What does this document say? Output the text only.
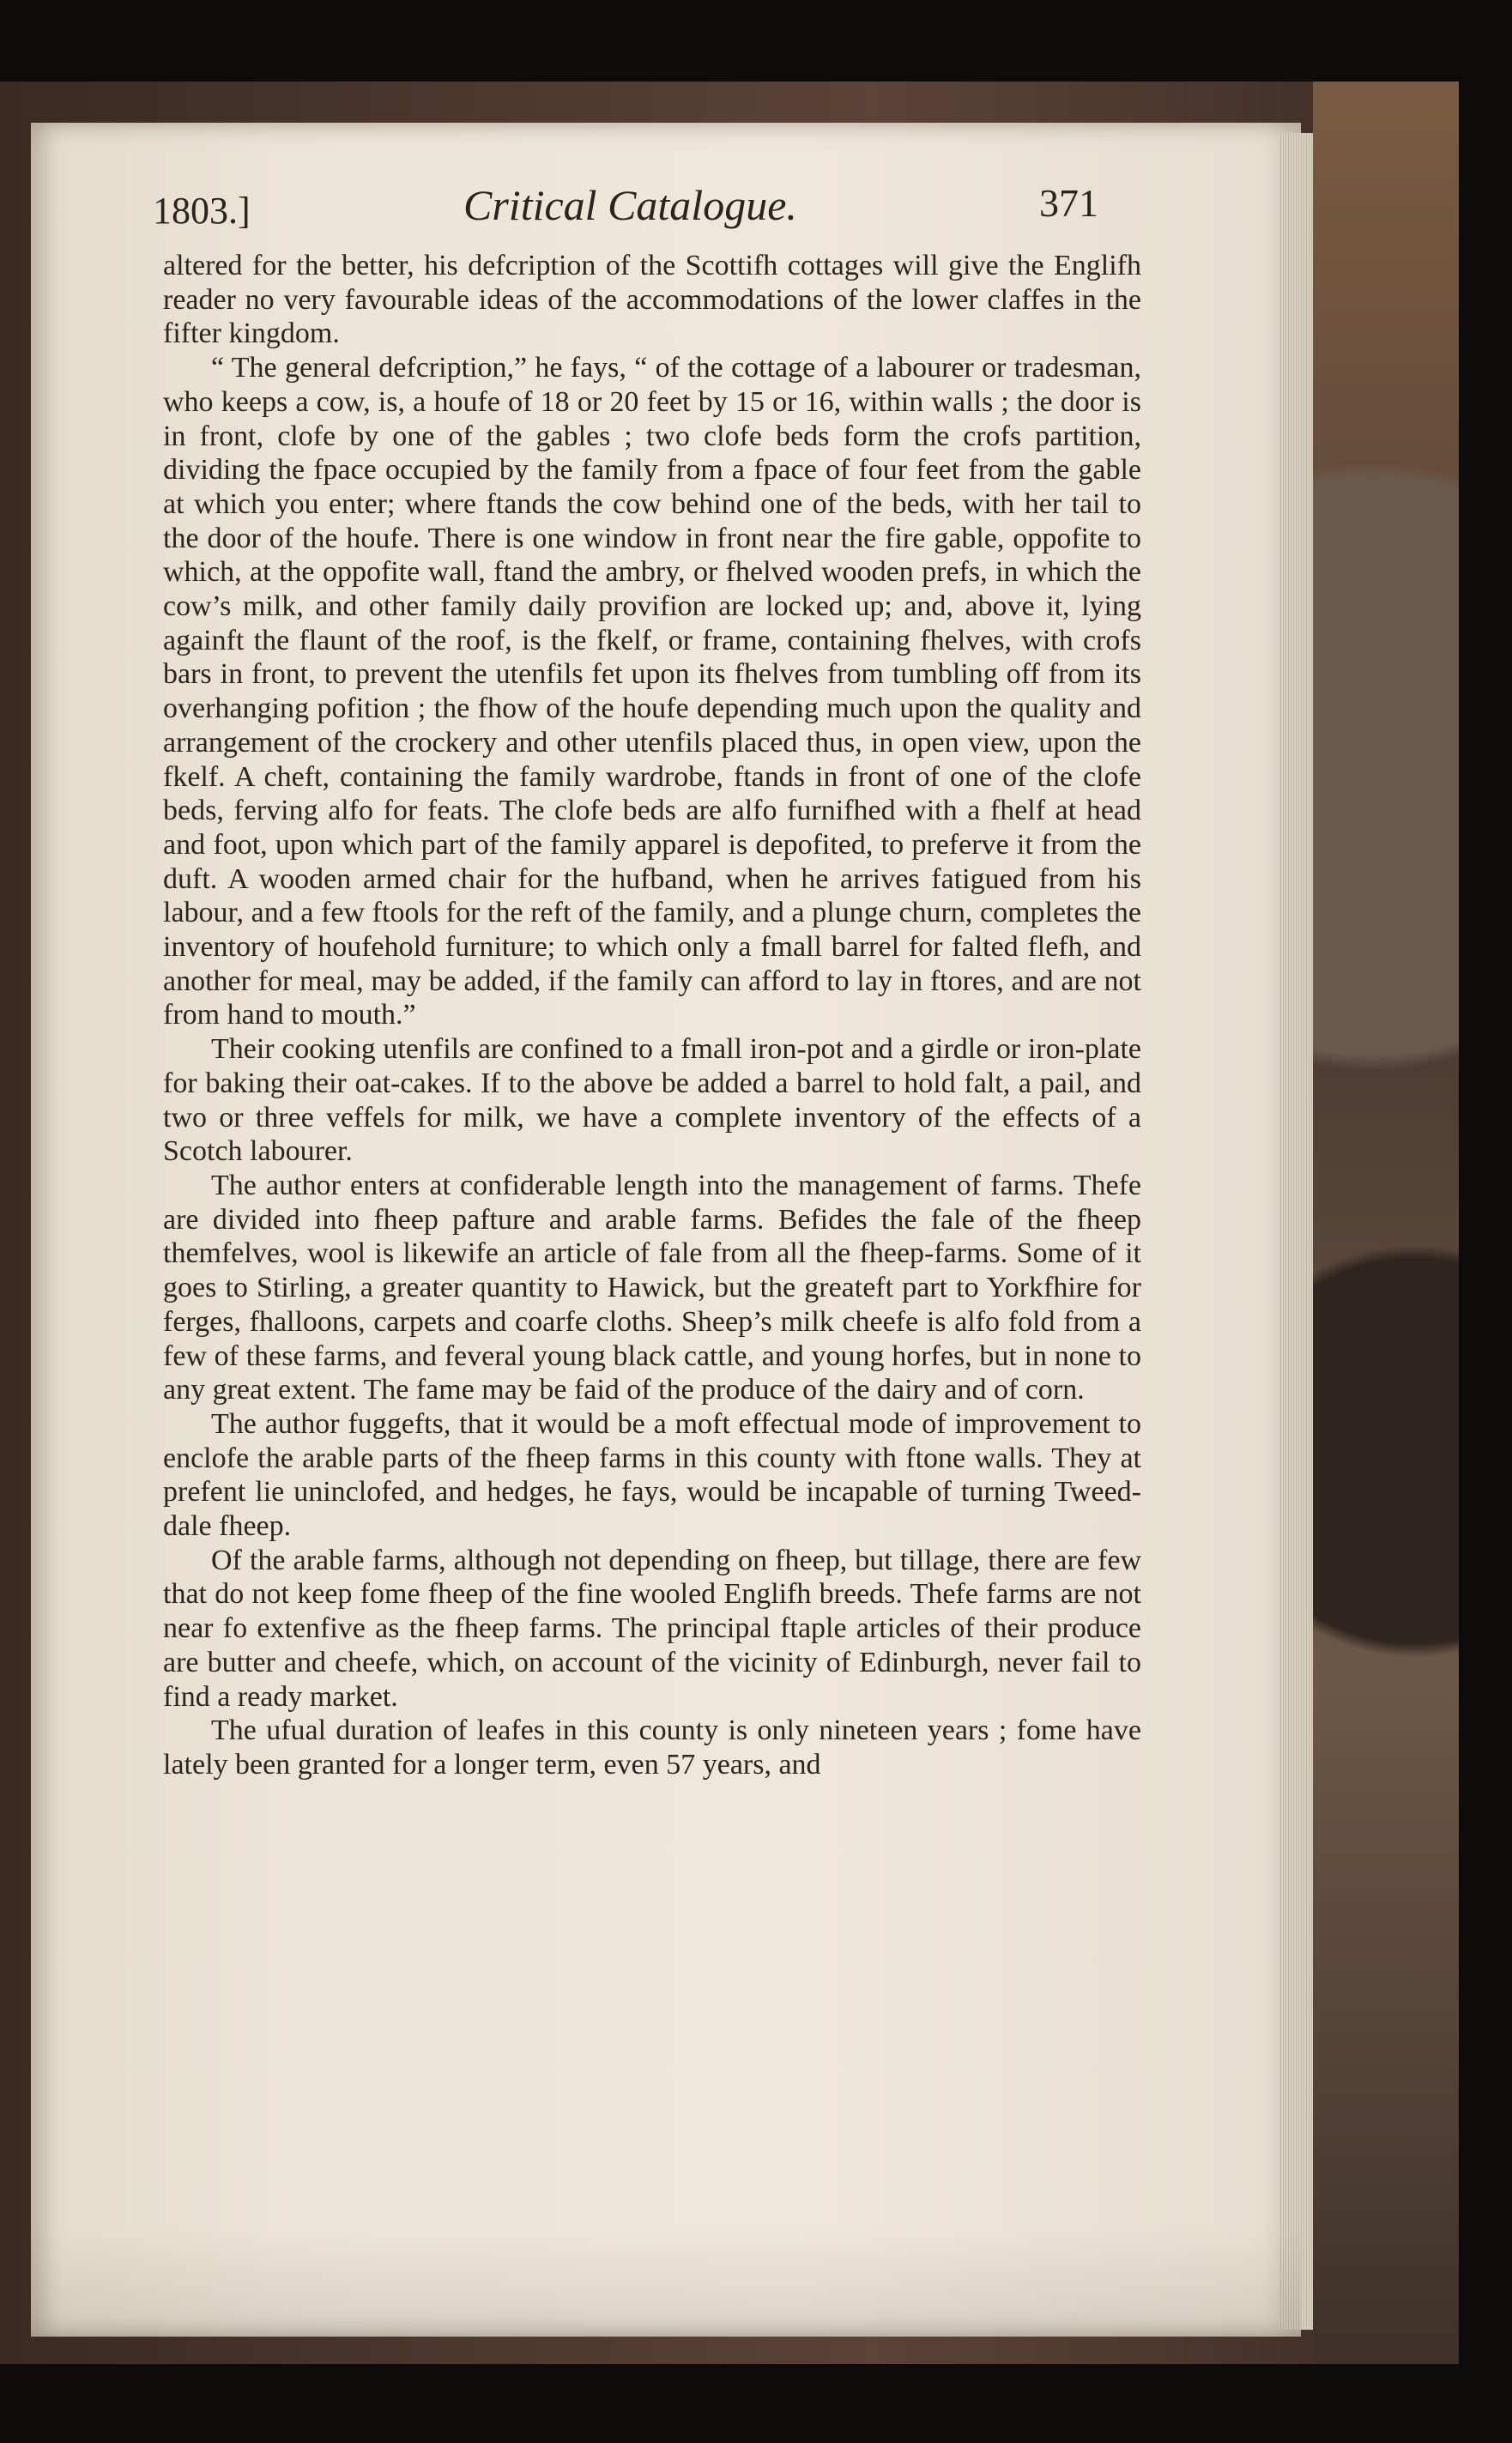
1803.]	Critical Catalogue.	371

altered for the better, his defcription of the Scottifh cottages will give the Englifh reader no very favourable ideas of the accommodations of the lower claffes in the fifter kingdom.

“ The general defcription,” he fays, “ of the cottage of a labourer or tradesman, who keeps a cow, is, a houfe of 18 or 20 feet by 15 or 16, within walls ; the door is in front, clofe by one of the gables ; two clofe beds form the crofs partition, dividing the fpace occupied by the family from a fpace of four feet from the gable at which you enter; where ftands the cow behind one of the beds, with her tail to the door of the houfe. There is one window in front near the fire gable, oppofite to which, at the oppofite wall, ftand the ambry, or fhelved wooden prefs, in which the cow’s milk, and other family daily provifion are locked up; and, above it, lying againft the flaunt of the roof, is the fkelf, or frame, containing fhelves, with crofs bars in front, to prevent the utenfils fet upon its fhelves from tumbling off from its overhanging pofition ; the fhow of the houfe depending much upon the quality and arrangement of the crockery and other utenfils placed thus, in open view, upon the fkelf. A cheft, containing the family wardrobe, ftands in front of one of the clofe beds, ferving alfo for feats. The clofe beds are alfo furnifhed with a fhelf at head and foot, upon which part of the family apparel is depofited, to preferve it from the duft. A wooden armed chair for the hufband, when he arrives fatigued from his labour, and a few ftools for the reft of the family, and a plunge churn, completes the inventory of houfehold furniture; to which only a fmall barrel for falted flefh, and another for meal, may be added, if the family can afford to lay in ftores, and are not from hand to mouth.”

Their cooking utenfils are confined to a fmall iron-pot and a girdle or iron-plate for baking their oat-cakes. If to the above be added a barrel to hold falt, a pail, and two or three veffels for milk, we have a complete inventory of the effects of a Scotch labourer.

The author enters at confiderable length into the management of farms. Thefe are divided into fheep pafture and arable farms. Befides the fale of the fheep themfelves, wool is likewife an article of fale from all the fheep-farms. Some of it goes to Stirling, a greater quantity to Hawick, but the greateft part to Yorkfhire for ferges, fhalloons, carpets and coarfe cloths. Sheep’s milk cheefe is alfo fold from a few of these farms, and feveral young black cattle, and young horfes, but in none to any great extent. The fame may be faid of the produce of the dairy and of corn.

The author fuggefts, that it would be a moft effectual mode of improvement to enclofe the arable parts of the fheep farms in this county with ftone walls. They at prefent lie uninclofed, and hedges, he fays, would be incapable of turning Tweed-dale fheep.

Of the arable farms, although not depending on fheep, but tillage, there are few that do not keep fome fheep of the fine wooled Englifh breeds. Thefe farms are not near fo extenfive as the fheep farms. The principal ftaple articles of their produce are butter and cheefe, which, on account of the vicinity of Edinburgh, never fail to find a ready market.

The ufual duration of leafes in this county is only nineteen years ; fome have lately been granted for a longer term, even 57 years, and
